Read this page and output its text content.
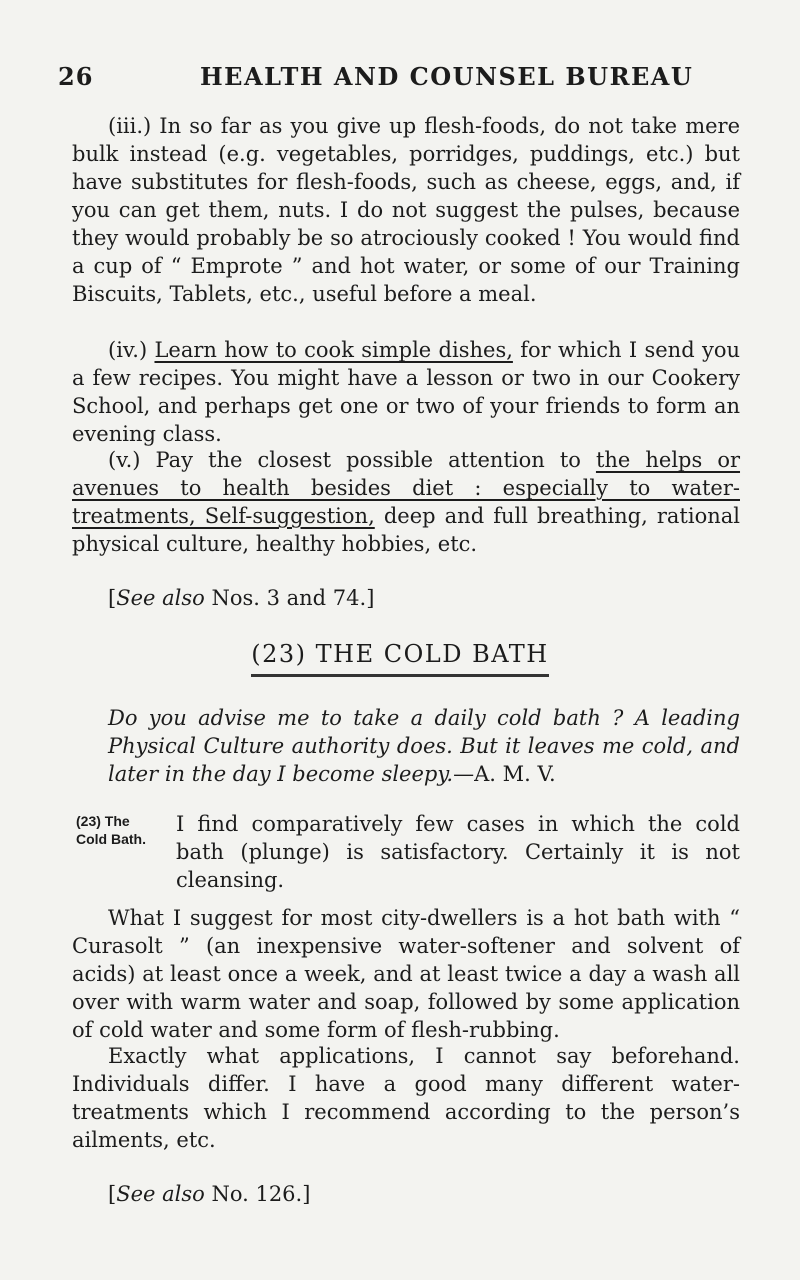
26	HEALTH AND COUNSEL BUREAU

(iii.) In so far as you give up flesh-foods, do not take mere bulk instead (e.g. vegetables, porridges, puddings, etc.) but have substitutes for flesh-foods, such as cheese, eggs, and, if you can get them, nuts. I do not suggest the pulses, because they would probably be so atrociously cooked ! You would find a cup of “ Emprote ” and hot water, or some of our Training Biscuits, Tablets, etc., useful before a meal.

(iv.) Learn how to cook simple dishes, for which I send you a few recipes. You might have a lesson or two in our Cookery School, and perhaps get one or two of your friends to form an evening class.

(v.) Pay the closest possible attention to the helps or avenues to health besides diet : especially to water-treatments, Self-suggestion, deep and full breathing, rational physical culture, healthy hobbies, etc.

[See also Nos. 3 and 74.]

(23) THE COLD BATH
Do you advise me to take a daily cold bath ? A leading Physical Culture authority does. But it leaves me cold, and later in the day I become sleepy.—A. M. V.
(23) The
Cold Bath.

I find comparatively few cases in which the cold bath (plunge) is satisfactory. Certainly it is not cleansing.

What I suggest for most city-dwellers is a hot bath with “ Curasolt ” (an inexpensive water-softener and solvent of acids) at least once a week, and at least twice a day a wash all over with warm water and soap, followed by some application of cold water and some form of flesh-rubbing.

Exactly what applications, I cannot say beforehand. Individuals differ. I have a good many different water-treatments which I recommend according to the person’s ailments, etc.

[See also No. 126.]
